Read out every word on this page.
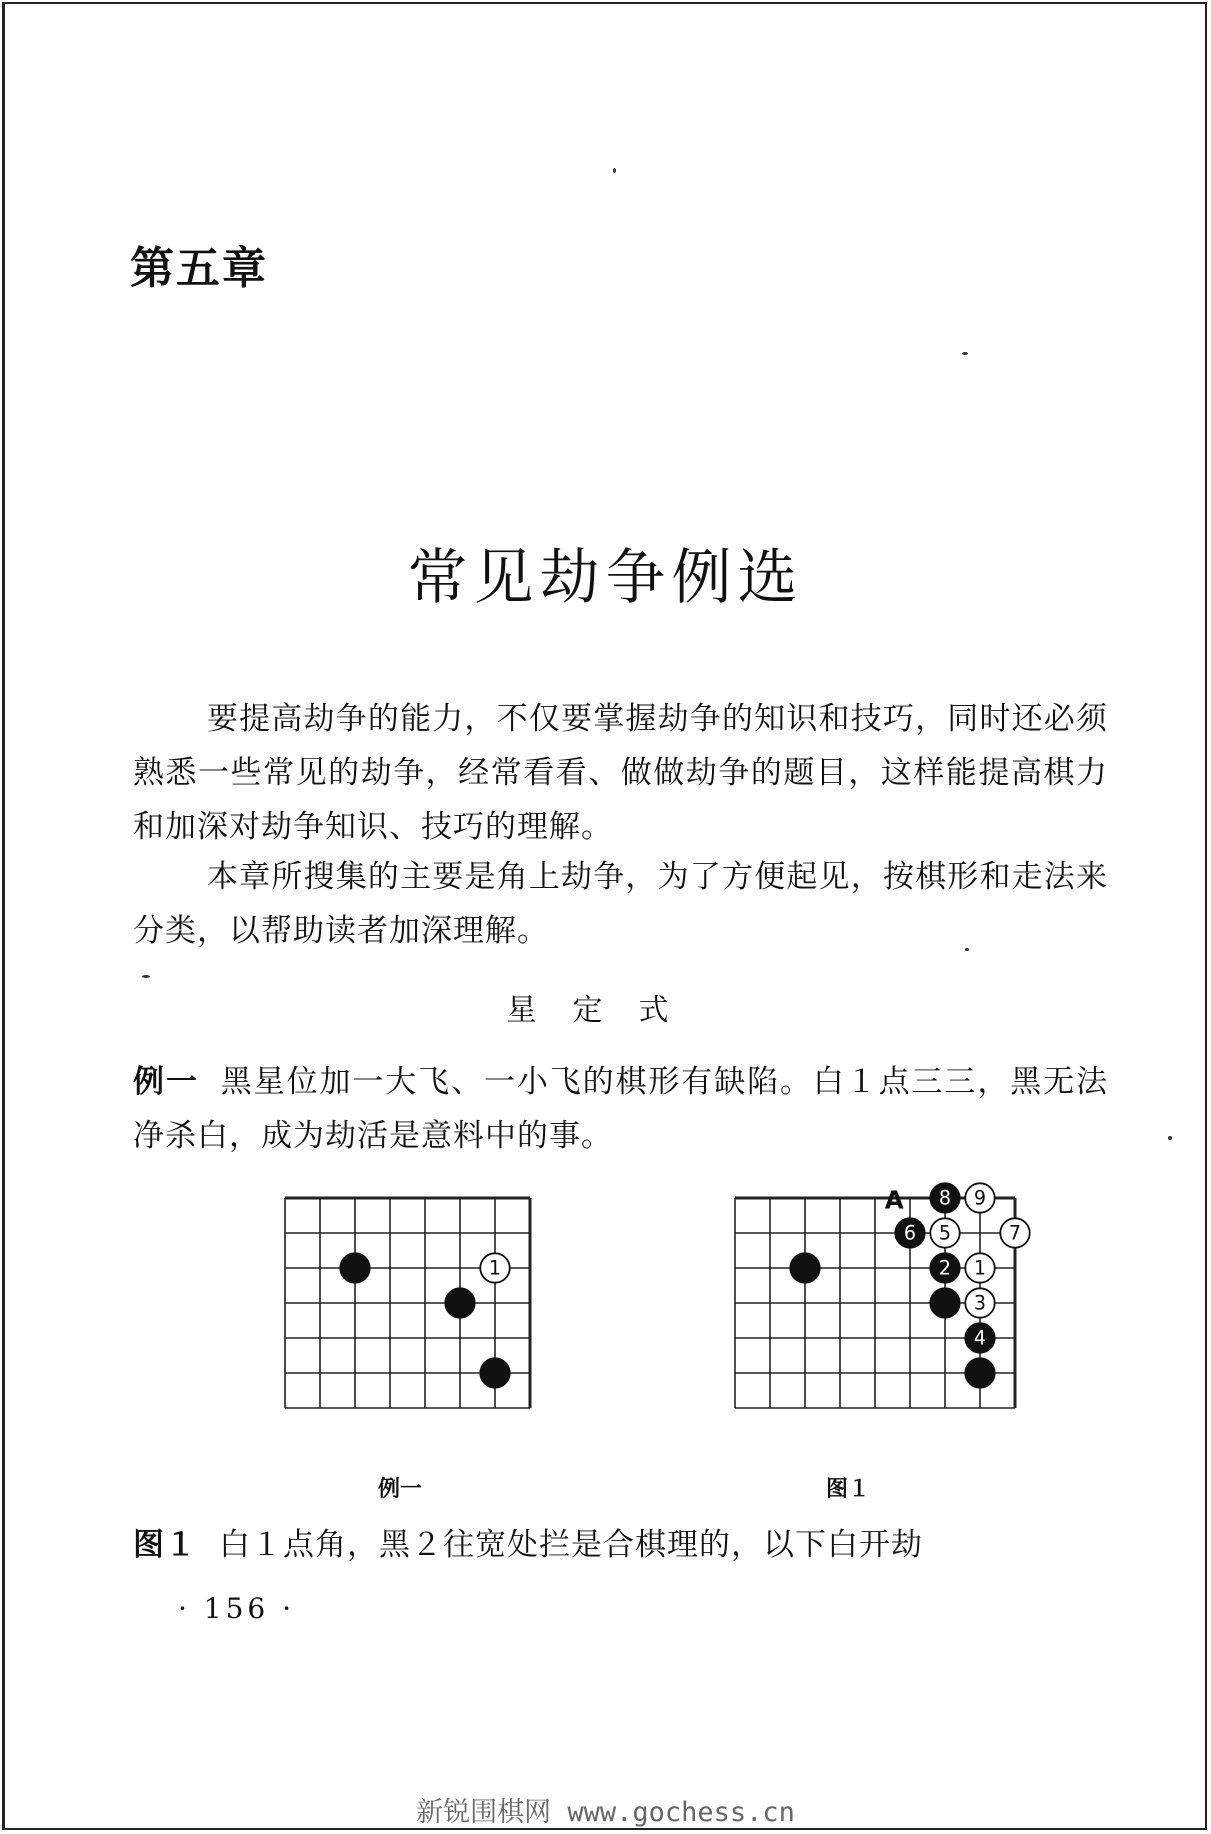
第五章
常见劫争例选
要提高劫争的能力，不仅要掌握劫争的知识和技巧，同时还必须熟悉一些常见的劫争，经常看看、做做劫争的题目，这样能提高棋力和加深对劫争知识、技巧的理解。
本章所搜集的主要是角上劫争，为了方便起见，按棋形和走法来分类，以帮助读者加深理解。
星定式
例一 黑星位加一大飞、一小飞的棋形有缺陷。白１点三三，黑无法净杀白，成为劫活是意料中的事。
1
8 9
6 5	7
2 1
3
4
A
例一	图１
图１ 白１点角，黑２往宽处拦是合棋理的，以下白开劫
· 156 ·
新锐围棋网 www.gochess.cn
